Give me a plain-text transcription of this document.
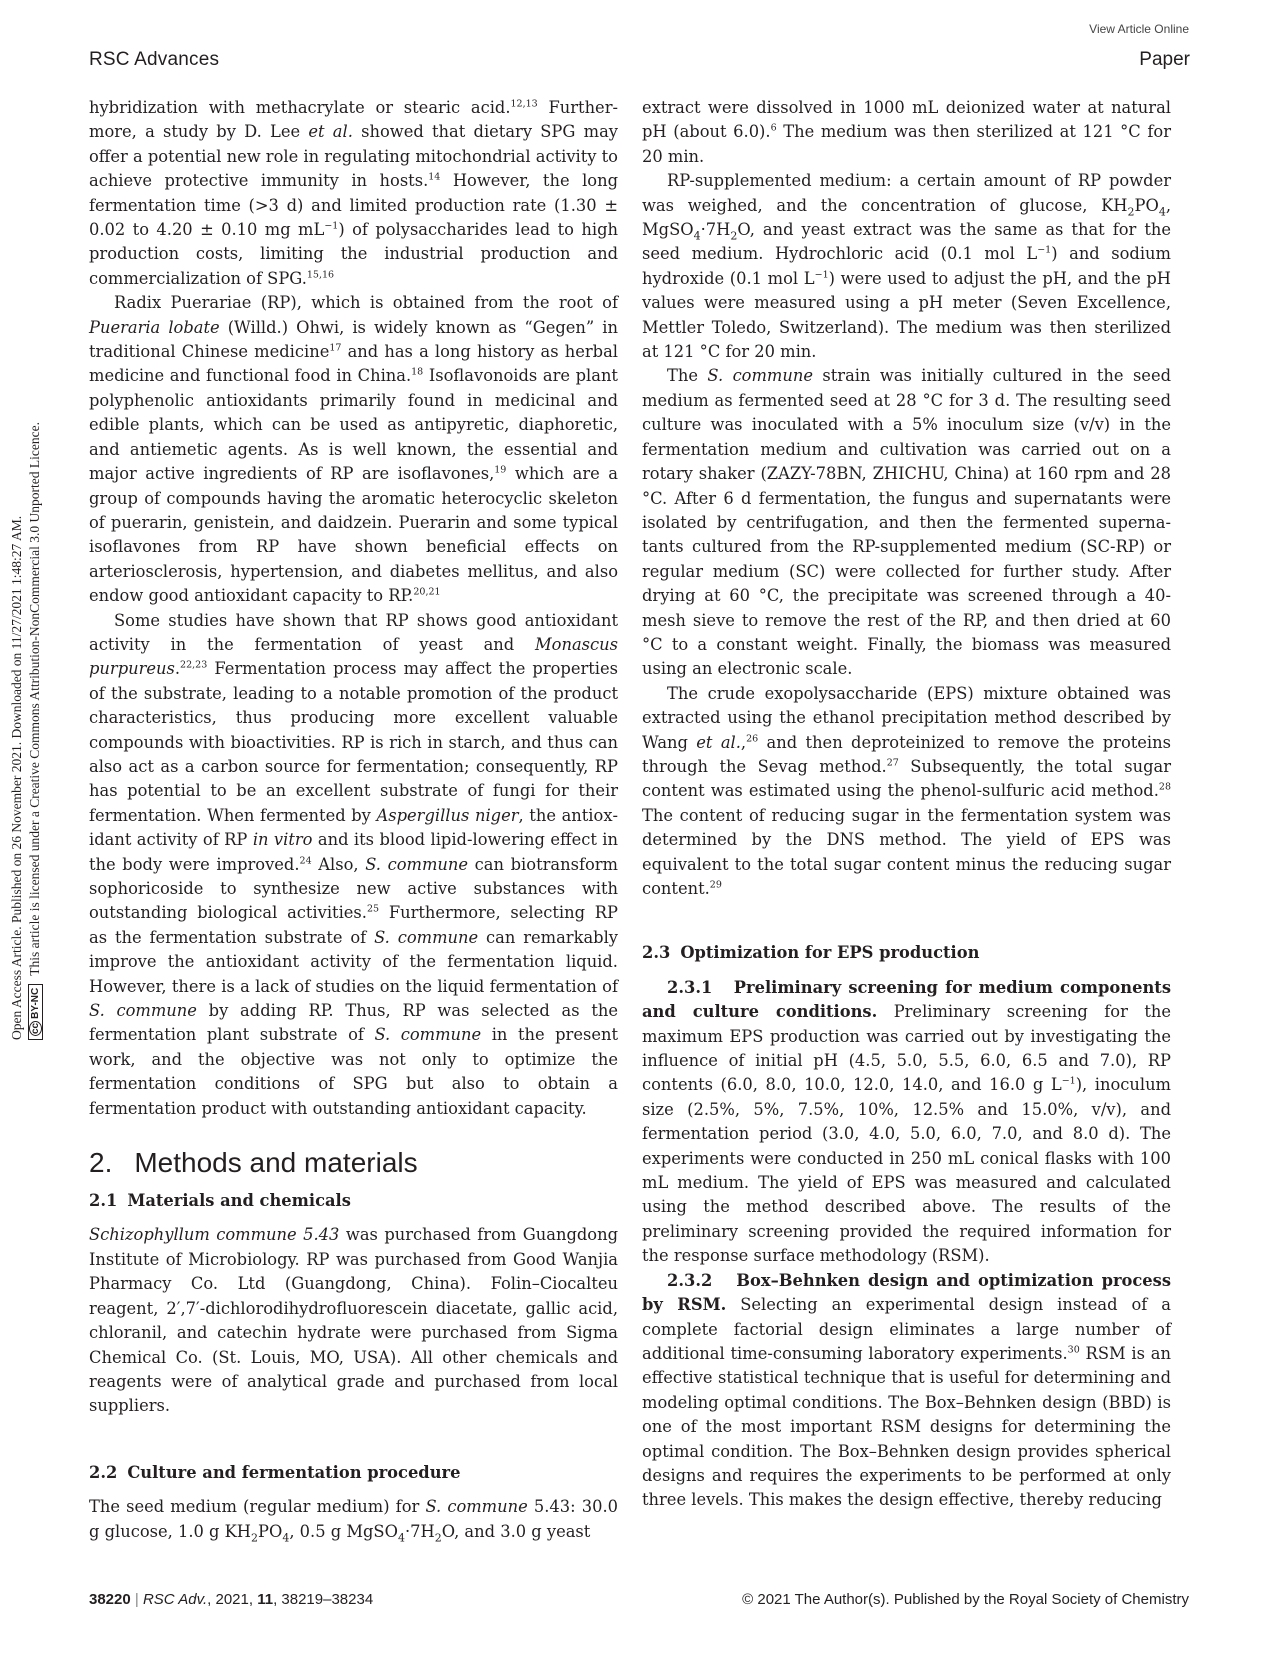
View Article Online
RSC Advances	Paper
Open Access Article. Published on 26 November 2021. Downloaded on 11/27/2021 1:48:27 AM. ccBY-NCThis article is licensed under a Creative Commons Attribution-NonCommercial 3.0 Unported Licence.

hybridization with methacrylate or stearic acid.$^{12,13}$ Furthermore, a study by D. Lee et al. showed that dietary SPG may offer a potential new role in regulating mitochondrial activity to achieve protective immunity in hosts.$^{14}$ However, the long fermentation time (>3 d) and limited production rate (1.30 ± 0.02 to 4.20 ± 0.10 mg $mL^{-1}$) of polysaccharides lead to high production costs, limiting the industrial production and commercialization of SPG.$^{15,16}$

Radix Puerariae (RP), which is obtained from the root of Pueraria lobate (Willd.) Ohwi, is widely known as “Gegen” in traditional Chinese medicine$^{17}$ and has a long history as herbal medicine and functional food in China.$^{18}$ Isoflavonoids are plant polyphenolic antioxidants primarily found in medicinal and edible plants, which can be used as antipyretic, diaphoretic, and antiemetic agents. As is well known, the essential and major active ingredients of RP are isoflavones,$^{19}$ which are a group of compounds having the aromatic heterocyclic skeleton of puerarin, genistein, and daidzein. Puerarin and some typical isoflavones from RP have shown beneficial effects on arteriosclerosis, hypertension, and diabetes mellitus, and also endow good antioxidant capacity to RP.$^{20,21}$

Some studies have shown that RP shows good antioxidant activity in the fermentation of yeast and Monascus purpureus.$^{22,23}$ Fermentation process may affect the properties of the substrate, leading to a notable promotion of the product characteristics, thus producing more excellent valuable compounds with bioactivities. RP is rich in starch, and thus can also act as a carbon source for fermentation; consequently, RP has potential to be an excellent substrate of fungi for their fermentation. When fermented by Aspergillus niger, the antioxidant activity of RP in vitro and its blood lipid-lowering effect in the body were improved.$^{24}$ Also, S. commune can biotransform sophoricoside to synthesize new active substances with outstanding biological activities.$^{25}$ Furthermore, selecting RP as the fermentation substrate of S. commune can remarkably improve the antioxidant activity of the fermentation liquid. However, there is a lack of studies on the liquid fermentation of S. commune by adding RP. Thus, RP was selected as the fermentation plant substrate of S. commune in the present work, and the objective was not only to optimize the fermentation conditions of SPG but also to obtain a fermentation product with outstanding antioxidant capacity.

2. Methods and materials
2.1 Materials and chemicals

Schizophyllum commune 5.43 was purchased from Guangdong Institute of Microbiology. RP was purchased from Good Wanjia Pharmacy Co. Ltd (Guangdong, China). Folin–Ciocalteu reagent, 2′,7′-dichlorodihydrofluorescein diacetate, gallic acid, chloranil, and catechin hydrate were purchased from Sigma Chemical Co. (St. Louis, MO, USA). All other chemicals and reagents were of analytical grade and purchased from local suppliers.

2.2 Culture and fermentation procedure

The seed medium (regular medium) for S. commune 5.43: 30.0 g glucose, 1.0 g $KH_2PO_4$, 0.5 g $MgSO_4\cdot 7H_2O$, and 3.0 g yeast

extract were dissolved in 1000 mL deionized water at natural pH (about 6.0).$^6$ The medium was then sterilized at 121 °C for 20 min.

RP-supplemented medium: a certain amount of RP powder was weighed, and the concentration of glucose, $KH_2PO_4$, $MgSO_4\cdot 7H_2O$, and yeast extract was the same as that for the seed medium. Hydrochloric acid (0.1 mol $L^{-1}$) and sodium hydroxide (0.1 mol $L^{-1}$) were used to adjust the pH, and the pH values were measured using a pH meter (Seven Excellence, Mettler Toledo, Switzerland). The medium was then sterilized at 121 °C for 20 min.

The S. commune strain was initially cultured in the seed medium as fermented seed at 28 °C for 3 d. The resulting seed culture was inoculated with a 5% inoculum size (v/v) in the fermentation medium and cultivation was carried out on a rotary shaker (ZAZY-78BN, ZHICHU, China) at 160 rpm and 28 °C. After 6 d fermentation, the fungus and supernatants were isolated by centrifugation, and then the fermented supernatants cultured from the RP-supplemented medium (SC-RP) or regular medium (SC) were collected for further study. After drying at 60 °C, the precipitate was screened through a 40-mesh sieve to remove the rest of the RP, and then dried at 60 °C to a constant weight. Finally, the biomass was measured using an electronic scale.

The crude exopolysaccharide (EPS) mixture obtained was extracted using the ethanol precipitation method described by Wang et al.,$^{26}$ and then deproteinized to remove the proteins through the Sevag method.$^{27}$ Subsequently, the total sugar content was estimated using the phenol-sulfuric acid method.$^{28}$ The content of reducing sugar in the fermentation system was determined by the DNS method. The yield of EPS was equivalent to the total sugar content minus the reducing sugar content.$^{29}$

2.3 Optimization for EPS production

2.3.1 Preliminary screening for medium components and culture conditions. Preliminary screening for the maximum EPS production was carried out by investigating the influence of initial pH (4.5, 5.0, 5.5, 6.0, 6.5 and 7.0), RP contents (6.0, 8.0, 10.0, 12.0, 14.0, and 16.0 g $L^{-1}$), inoculum size (2.5%, 5%, 7.5%, 10%, 12.5% and 15.0%, v/v), and fermentation period (3.0, 4.0, 5.0, 6.0, 7.0, and 8.0 d). The experiments were conducted in 250 mL conical flasks with 100 mL medium. The yield of EPS was measured and calculated using the method described above. The results of the preliminary screening provided the required information for the response surface methodology (RSM).

2.3.2 Box–Behnken design and optimization process by RSM. Selecting an experimental design instead of a complete factorial design eliminates a large number of additional time-consuming laboratory experiments.$^{30}$ RSM is an effective statistical technique that is useful for determining and modeling optimal conditions. The Box–Behnken design (BBD) is one of the most important RSM designs for determining the optimal condition. The Box–Behnken design provides spherical designs and requires the experiments to be performed at only three levels. This makes the design effective, thereby reducing

38220 | RSC Adv., 2021, 11, 38219–38234	© 2021 The Author(s). Published by the Royal Society of Chemistry
